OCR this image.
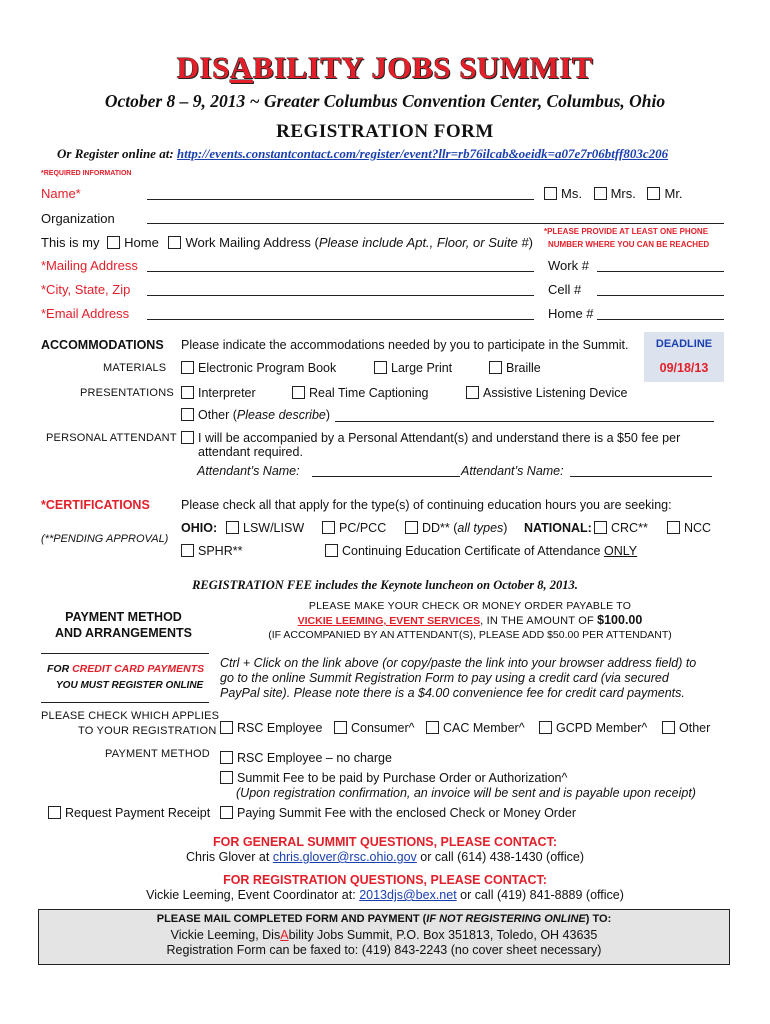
DISABILITY JOBS SUMMIT
October 8 – 9, 2013 ~ Greater Columbus Convention Center, Columbus, Ohio
REGISTRATION FORM
Or Register online at: http://events.constantcontact.com/register/event?llr=rb76ilcab&oeidk=a07e7r06btff803c206
*REQUIRED INFORMATION
Name*	Ms. Mrs. Mr.
Organization
*PLEASE PROVIDE AT LEAST ONE PHONE
NUMBER WHERE YOU CAN BE REACHED
This is my Home Work Mailing Address (Please include Apt., Floor, or Suite #)
*Mailing Address	Work #
*City, State, Zip	Cell #
*Email Address	Home #
ACCOMMODATIONS Please indicate the accommodations needed by you to participate in the Summit.	DEADLINE
09/18/13
MATERIALS	Electronic Program Book	Large Print	Braille
PRESENTATIONS	Interpreter	Real Time Captioning	Assistive Listening Device
Other (Please describe)
PERSONAL ATTENDANT	I will be accompanied by a Personal Attendant(s) and understand there is a $50 fee per
attendant required.
Attendant’s Name:	Attendant’s Name:
*CERTIFICATIONS
(**PENDING APPROVAL)
Please check all that apply for the type(s) of continuing education hours you are seeking:
OHIO:	LSW/LISW	PC/PCC	DD** (all types) NATIONAL:	CRC**	NCC
SPHR**	Continuing Education Certificate of Attendance ONLY
REGISTRATION FEE includes the Keynote luncheon on October 8, 2013.
PAYMENT METHOD
AND ARRANGEMENTS
PLEASE MAKE YOUR CHECK OR MONEY ORDER PAYABLE TO
VICKIE LEEMING, EVENT SERVICES, IN THE AMOUNT OF $100.00
(IF ACCOMPANIED BY AN ATTENDANT(S), PLEASE ADD $50.00 PER ATTENDANT)
FOR CREDIT CARD PAYMENTS
YOU MUST REGISTER ONLINE
Ctrl + Click on the link above (or copy/paste the link into your browser address field) to
go to the online Summit Registration Form to pay using a credit card (via secured
PayPal site). Please note there is a $4.00 convenience fee for credit card payments.
PLEASE CHECK WHICH APPLIES
TO YOUR REGISTRATION	RSC Employee	Consumer^	CAC Member^	GCPD Member^	Other
PAYMENT METHOD	RSC Employee – no charge
Summit Fee to be paid by Purchase Order or Authorization^
(Upon registration confirmation, an invoice will be sent and is payable upon receipt)
Request Payment Receipt	Paying Summit Fee with the enclosed Check or Money Order
FOR GENERAL SUMMIT QUESTIONS, PLEASE CONTACT:
Chris Glover at chris.glover@rsc.ohio.gov or call (614) 438-1430 (office)
FOR REGISTRATION QUESTIONS, PLEASE CONTACT:
Vickie Leeming, Event Coordinator at: 2013djs@bex.net or call (419) 841-8889 (office)
PLEASE MAIL COMPLETED FORM AND PAYMENT (IF NOT REGISTERING ONLINE) TO:
Vickie Leeming, DisAbility Jobs Summit, P.O. Box 351813, Toledo, OH 43635
Registration Form can be faxed to: (419) 843-2243 (no cover sheet necessary)
